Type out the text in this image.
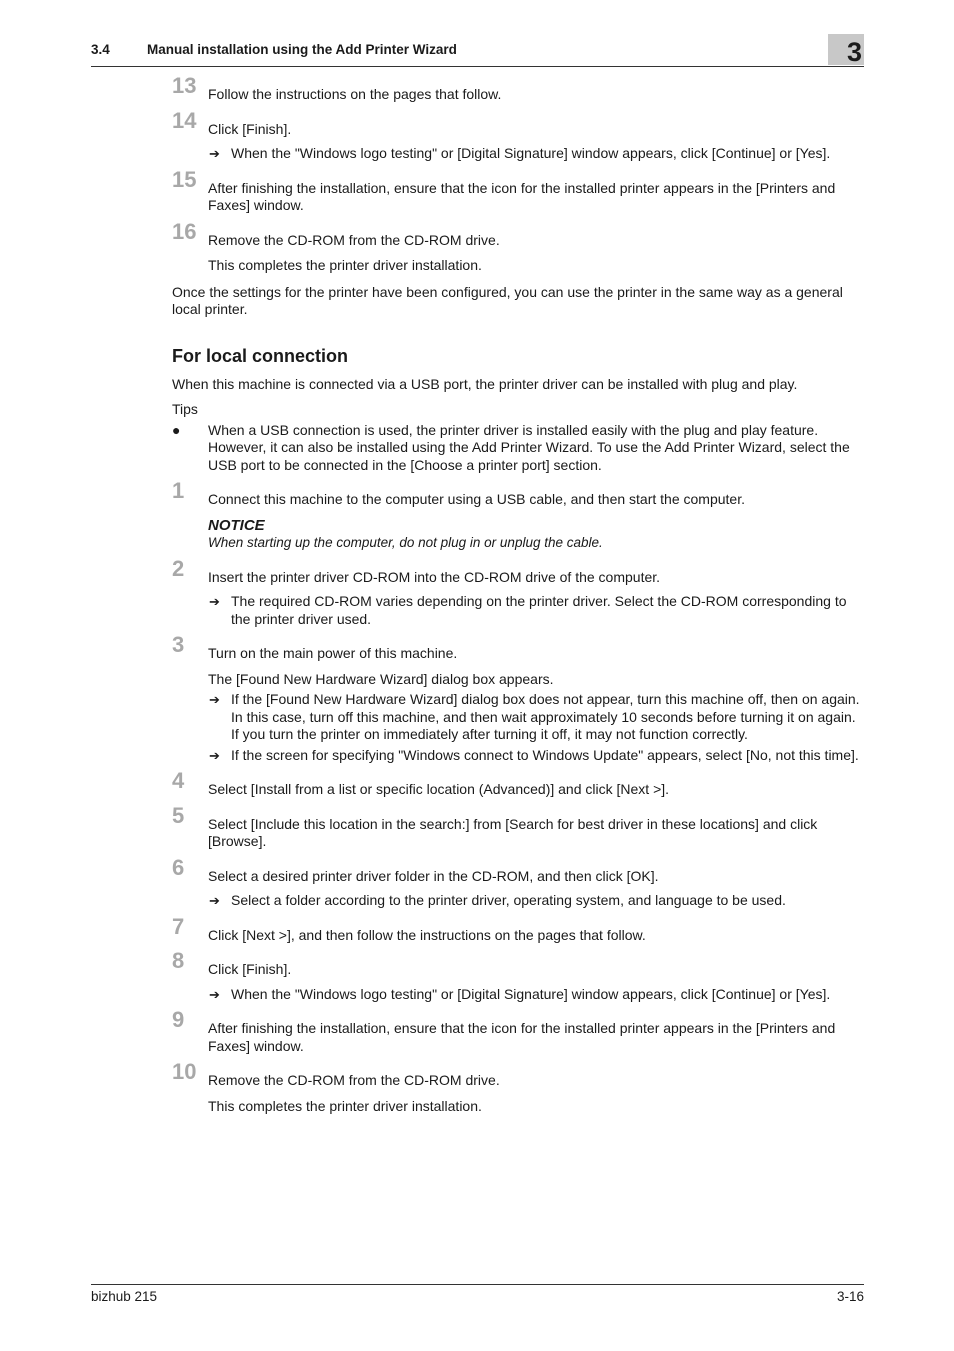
3.4	Manual installation using the Add Printer Wizard	3
13 Follow the instructions on the pages that follow.
14 Click [Finish].
➔ When the "Windows logo testing" or [Digital Signature] window appears, click [Continue] or [Yes].
15 After finishing the installation, ensure that the icon for the installed printer appears in the [Printers and Faxes] window.
16 Remove the CD-ROM from the CD-ROM drive.
This completes the printer driver installation.
Once the settings for the printer have been configured, you can use the printer in the same way as a general local printer.
For local connection
When this machine is connected via a USB port, the printer driver can be installed with plug and play.
Tips
● When a USB connection is used, the printer driver is installed easily with the plug and play feature. However, it can also be installed using the Add Printer Wizard. To use the Add Printer Wizard, select the USB port to be connected in the [Choose a printer port] section.
1 Connect this machine to the computer using a USB cable, and then start the computer.
NOTICE
When starting up the computer, do not plug in or unplug the cable.
2 Insert the printer driver CD-ROM into the CD-ROM drive of the computer.
➔ The required CD-ROM varies depending on the printer driver. Select the CD-ROM corresponding to the printer driver used.
3 Turn on the main power of this machine.
The [Found New Hardware Wizard] dialog box appears.
➔ If the [Found New Hardware Wizard] dialog box does not appear, turn this machine off, then on again.
In this case, turn off this machine, and then wait approximately 10 seconds before turning it on again. If you turn the printer on immediately after turning it off, it may not function correctly.
➔ If the screen for specifying "Windows connect to Windows Update" appears, select [No, not this time].
4 Select [Install from a list or specific location (Advanced)] and click [Next >].
5 Select [Include this location in the search:] from [Search for best driver in these locations] and click [Browse].
6 Select a desired printer driver folder in the CD-ROM, and then click [OK].
➔ Select a folder according to the printer driver, operating system, and language to be used.
7 Click [Next >], and then follow the instructions on the pages that follow.
8 Click [Finish].
➔ When the "Windows logo testing" or [Digital Signature] window appears, click [Continue] or [Yes].
9 After finishing the installation, ensure that the icon for the installed printer appears in the [Printers and Faxes] window.
10 Remove the CD-ROM from the CD-ROM drive.
This completes the printer driver installation.
bizhub 215	3-16
